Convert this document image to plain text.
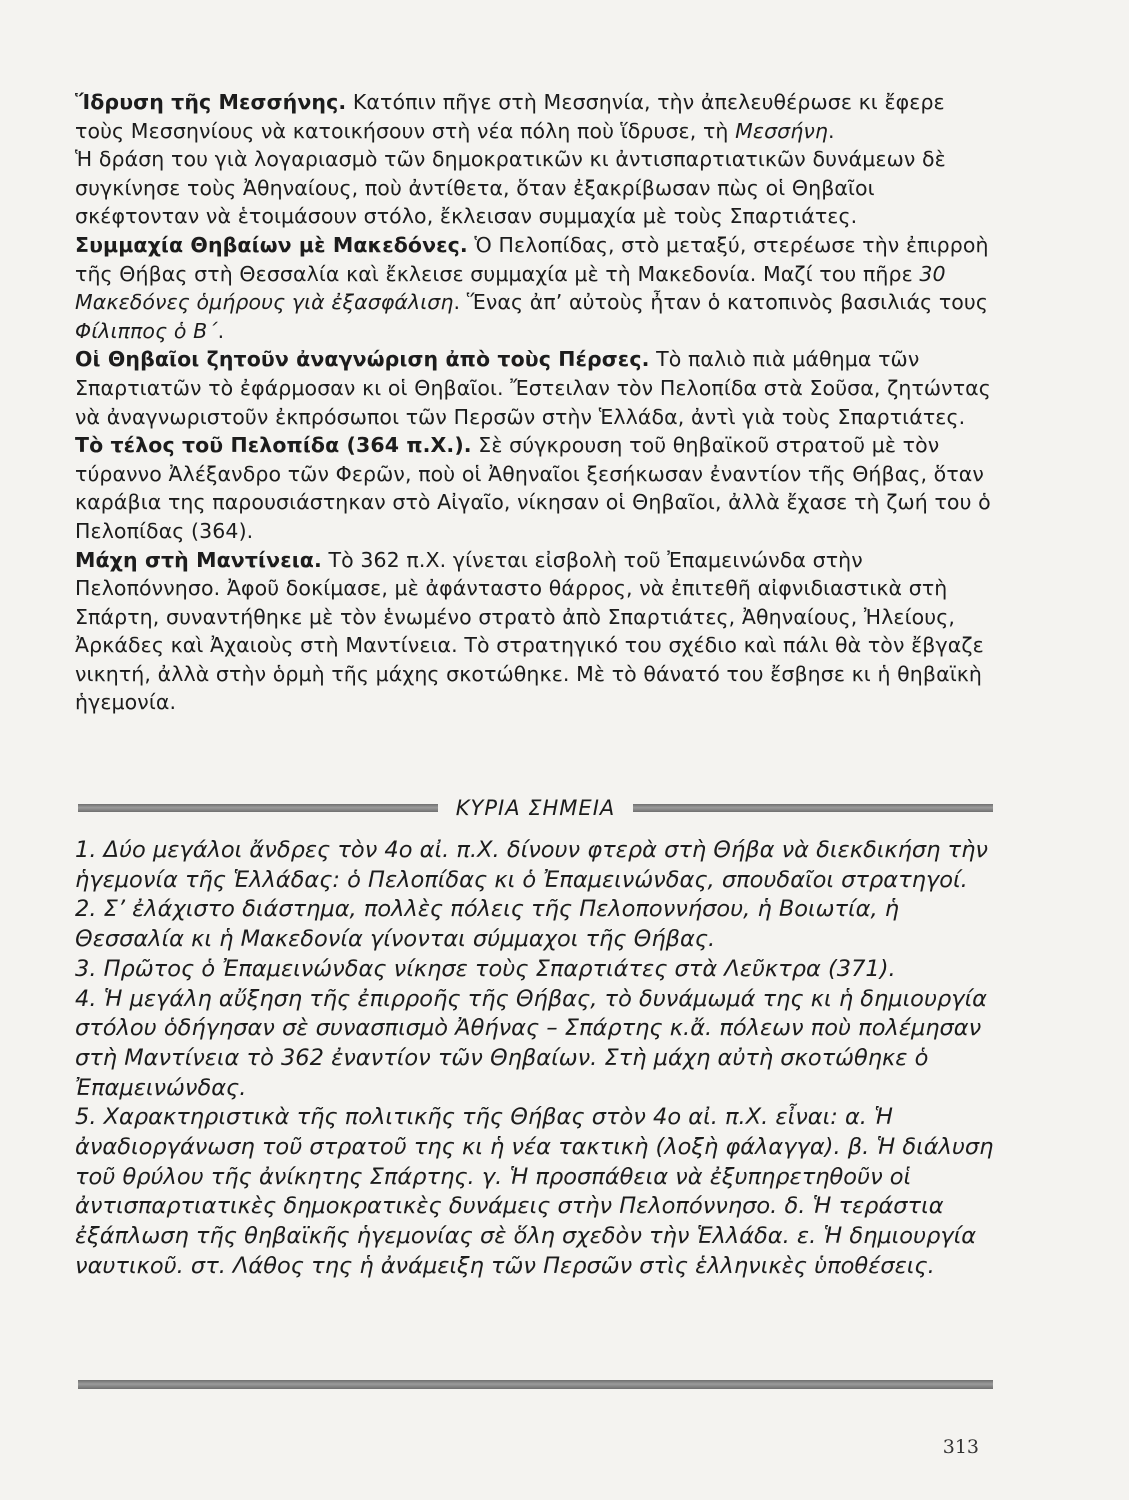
Ἵδρυση τῆς Μεσσήνης. Κατόπιν πῆγε στὴ Μεσσηνία, τὴν ἀπελευθέρωσε κι ἔφερε τοὺς Μεσσηνίους νὰ κατοικήσουν στὴ νέα πόλη ποὺ ἵδρυσε, τὴ Μεσσήνη.

Ἡ δράση του γιὰ λογαριασμὸ τῶν δημοκρατικῶν κι ἀντισπαρτιατικῶν δυνάμεων δὲ συγκίνησε τοὺς Ἀθηναίους, ποὺ ἀντίθετα, ὅταν ἐξακρίβωσαν πὼς οἱ Θηβαῖοι σκέφτονταν νὰ ἑτοιμάσουν στόλο, ἔκλεισαν συμμαχία μὲ τοὺς Σπαρτιάτες.

Συμμαχία Θηβαίων μὲ Μακεδόνες. Ὁ Πελοπίδας, στὸ μεταξύ, στερέωσε τὴν ἐπιρροὴ τῆς Θήβας στὴ Θεσσαλία καὶ ἔκλεισε συμμαχία μὲ τὴ Μακεδονία. Μαζί του πῆρε 30 Μακεδόνες ὁμήρους γιὰ ἐξασφάλιση. Ἕνας ἀπ’ αὐτοὺς ἦταν ὁ κατοπινὸς βασιλιάς τους Φίλιππος ὁ Β΄.

Οἱ Θηβαῖοι ζητοῦν ἀναγνώριση ἀπὸ τοὺς Πέρσες. Τὸ παλιὸ πιὰ μάθημα τῶν Σπαρτιατῶν τὸ ἐφάρμοσαν κι οἱ Θηβαῖοι. Ἔστειλαν τὸν Πελοπίδα στὰ Σοῦσα, ζητώντας νὰ ἀναγνωριστοῦν ἐκπρόσωποι τῶν Περσῶν στὴν Ἑλλάδα, ἀντὶ γιὰ τοὺς Σπαρτιάτες.

Τὸ τέλος τοῦ Πελοπίδα (364 π.Χ.). Σὲ σύγκρουση τοῦ θηβαϊκοῦ στρατοῦ μὲ τὸν τύραννο Ἀλέξανδρο τῶν Φερῶν, ποὺ οἱ Ἀθηναῖοι ξεσήκωσαν ἐναντίον τῆς Θήβας, ὅταν καράβια της παρουσιάστηκαν στὸ Αἰγαῖο, νίκησαν οἱ Θηβαῖοι, ἀλλὰ ἔχασε τὴ ζωή του ὁ Πελοπίδας (364).

Μάχη στὴ Μαντίνεια. Τὸ 362 π.Χ. γίνεται εἰσβολὴ τοῦ Ἐπαμεινώνδα στὴν Πελοπόννησο. Ἀφοῦ δοκίμασε, μὲ ἀφάνταστο θάρρος, νὰ ἐπιτεθῆ αἰφνιδιαστικὰ στὴ Σπάρτη, συναντήθηκε μὲ τὸν ἑνωμένο στρατὸ ἀπὸ Σπαρτιάτες, Ἀθηναίους, Ἠλείους, Ἀρκάδες καὶ Ἀχαιοὺς στὴ Μαντίνεια. Τὸ στρατηγικό του σχέδιο καὶ πάλι θὰ τὸν ἔβγαζε νικητή, ἀλλὰ στὴν ὁρμὴ τῆς μάχης σκοτώθηκε. Μὲ τὸ θάνατό του ἔσβησε κι ἡ θηβαϊκὴ ἡγεμονία.

ΚΥΡΙΑ ΣΗΜΕΙΑ

1. Δύο μεγάλοι ἄνδρες τὸν 4ο αἰ. π.Χ. δίνουν φτερὰ στὴ Θήβα νὰ διεκδικήση τὴν ἡγεμονία τῆς Ἑλλάδας: ὁ Πελοπίδας κι ὁ Ἐπαμεινώνδας, σπουδαῖοι στρατηγοί.

2. Σ’ ἐλάχιστο διάστημα, πολλὲς πόλεις τῆς Πελοποννήσου, ἡ Βοιωτία, ἡ Θεσσαλία κι ἡ Μακεδονία γίνονται σύμμαχοι τῆς Θήβας.

3. Πρῶτος ὁ Ἐπαμεινώνδας νίκησε τοὺς Σπαρτιάτες στὰ Λεῦκτρα (371).

4. Ἡ μεγάλη αὔξηση τῆς ἐπιρροῆς τῆς Θήβας, τὸ δυνάμωμά της κι ἡ δημιουργία στόλου ὁδήγησαν σὲ συνασπισμὸ Ἀθήνας – Σπάρτης κ.ἄ. πόλεων ποὺ πολέμησαν στὴ Μαντίνεια τὸ 362 ἐναντίον τῶν Θηβαίων. Στὴ μάχη αὐτὴ σκοτώθηκε ὁ Ἐπαμεινώνδας.

5. Χαρακτηριστικὰ τῆς πολιτικῆς τῆς Θήβας στὸν 4ο αἰ. π.Χ. εἶναι: α. Ἡ ἀναδιοργάνωση τοῦ στρατοῦ της κι ἡ νέα τακτικὴ (λοξὴ φάλαγγα). β. Ἡ διάλυση τοῦ θρύλου τῆς ἀνίκητης Σπάρτης. γ. Ἡ προσπάθεια νὰ ἐξυπηρετηθοῦν οἱ ἀντισπαρτιατικὲς δημοκρατικὲς δυνάμεις στὴν Πελοπόννησο. δ. Ἡ τεράστια ἐξάπλωση τῆς θηβαϊκῆς ἡγεμονίας σὲ ὅλη σχεδὸν τὴν Ἑλλάδα. ε. Ἡ δημιουργία ναυτικοῦ. στ. Λάθος της ἡ ἀνάμειξη τῶν Περσῶν στὶς ἑλληνικὲς ὑποθέσεις.

313
